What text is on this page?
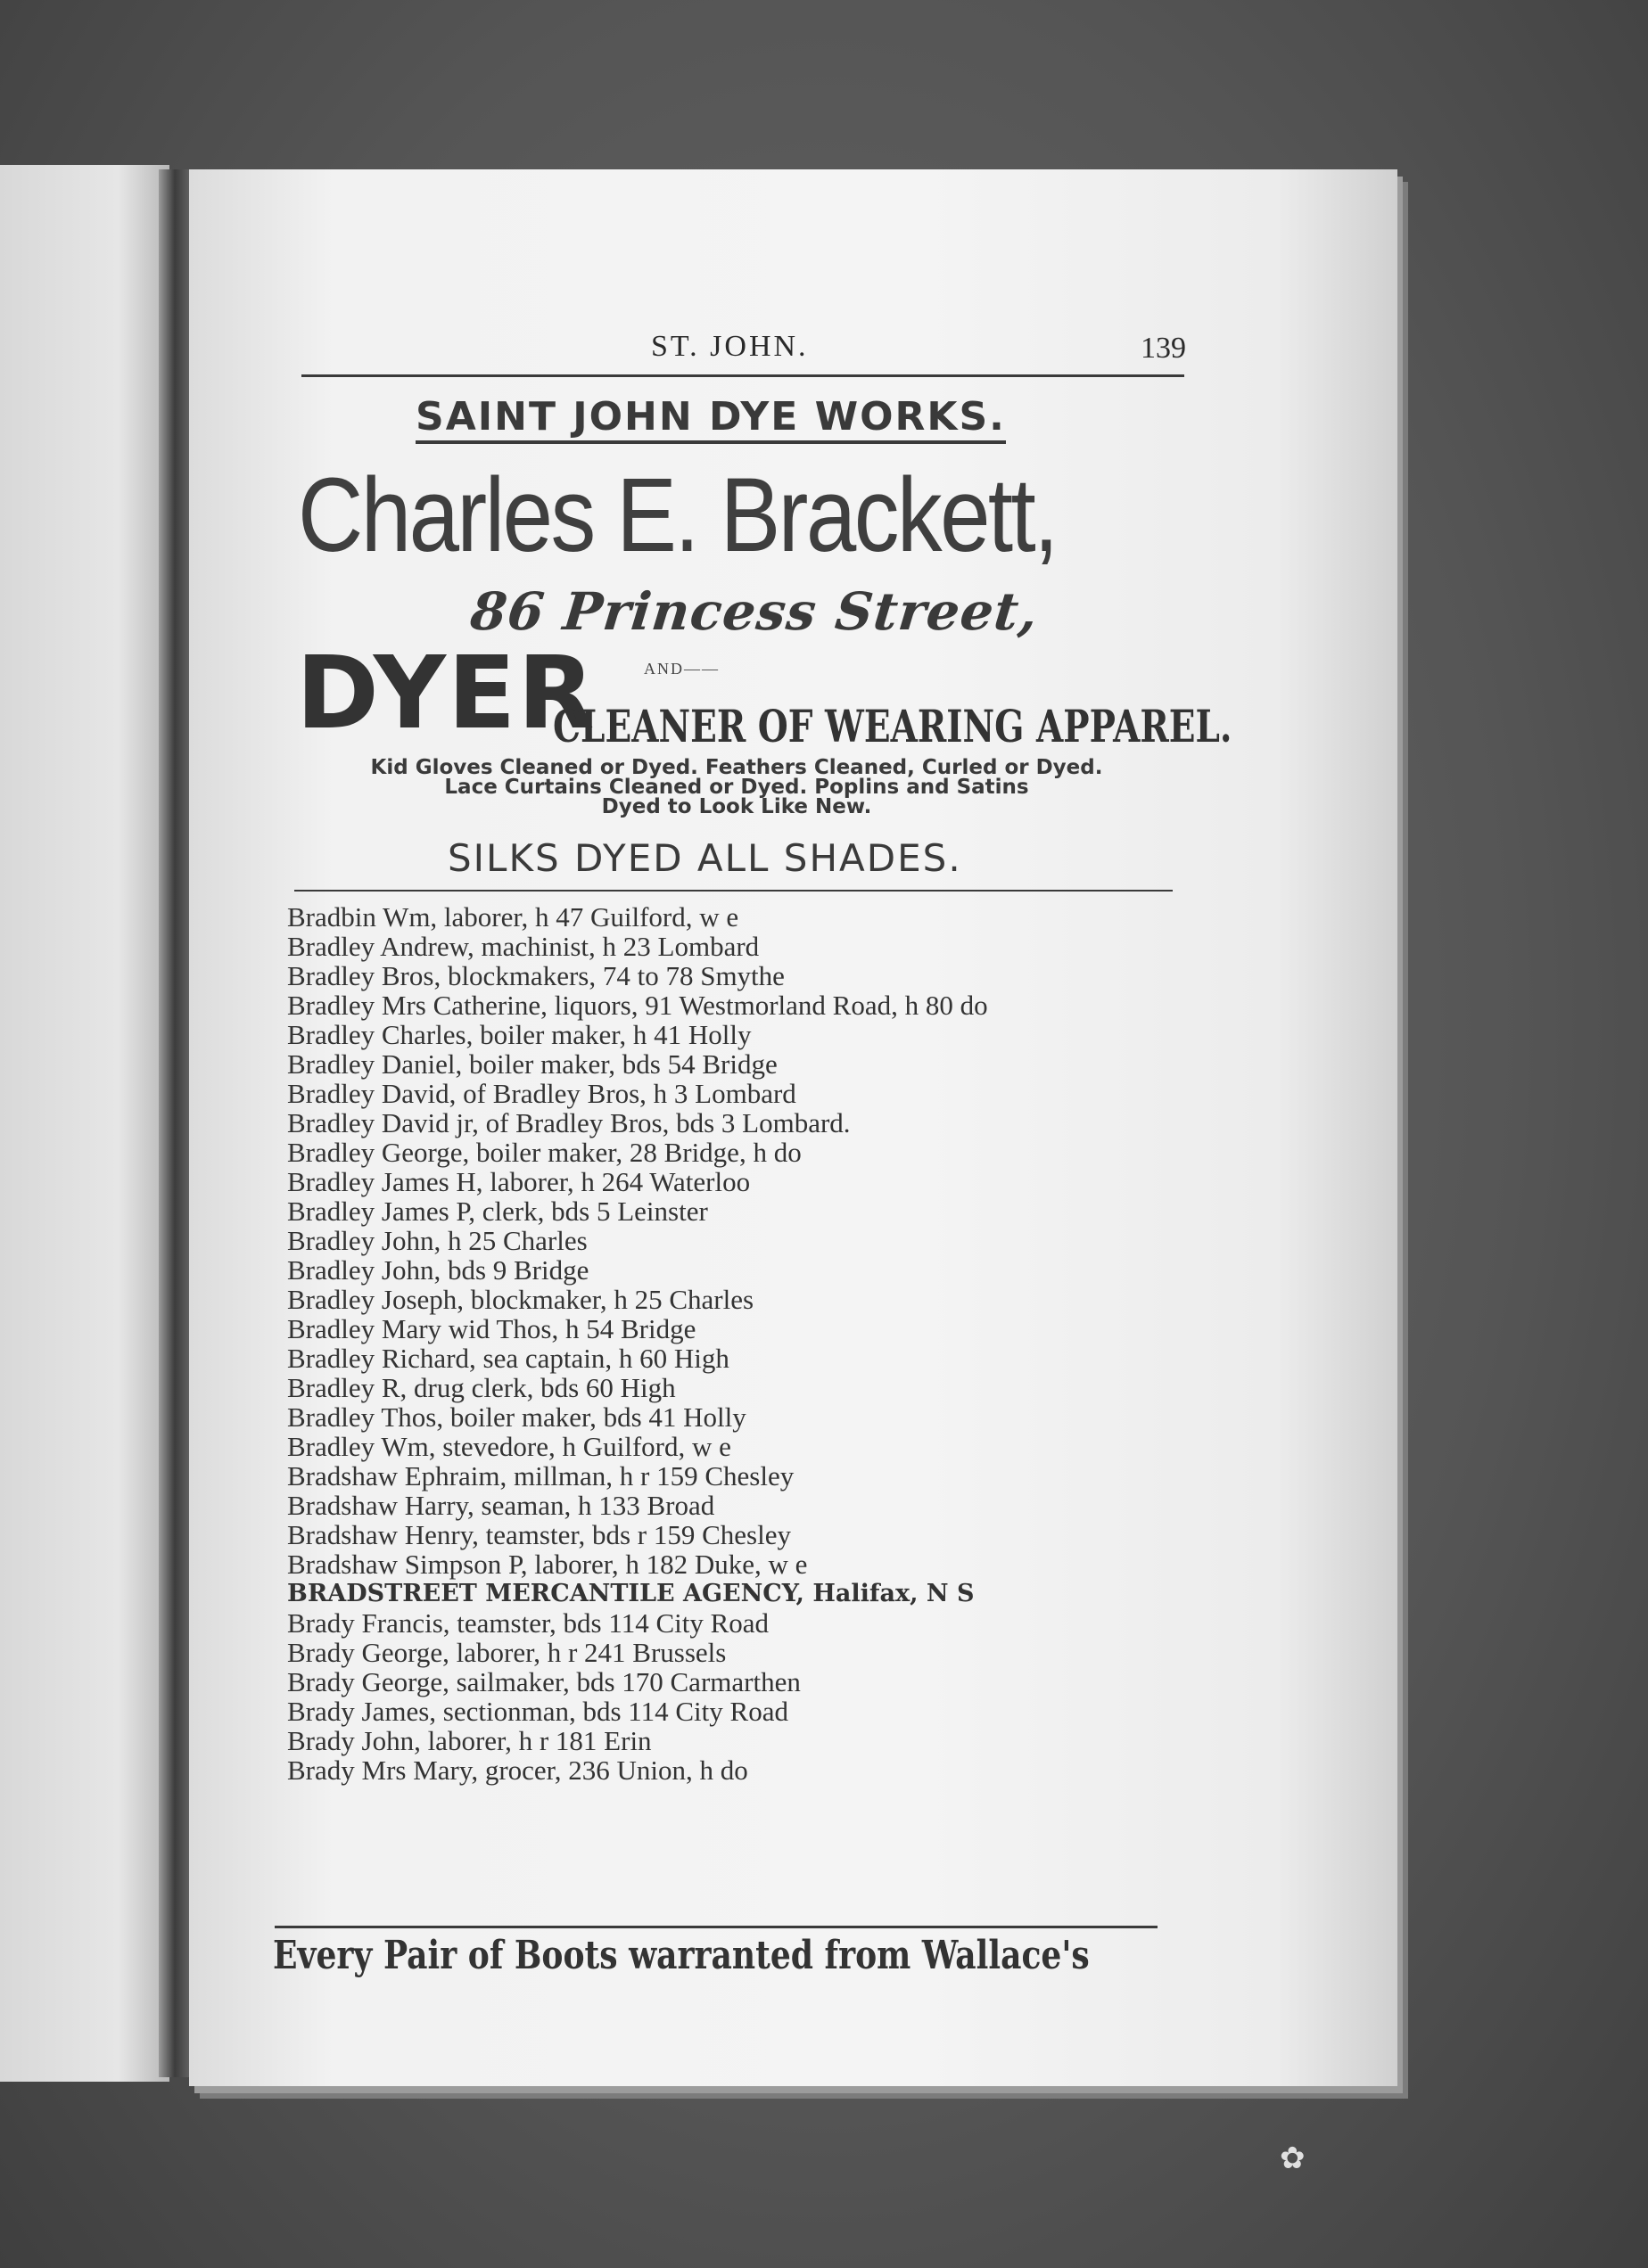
ST. JOHN.	139
SAINT JOHN DYE WORKS.
Charles E. Brackett,
86 Princess Street,
AND——
DYER
CLEANER OF WEARING APPAREL.
Kid Gloves Cleaned or Dyed. Feathers Cleaned, Curled or Dyed.
Lace Curtains Cleaned or Dyed. Poplins and Satins
Dyed to Look Like New.
SILKS DYED ALL SHADES.
Bradbin Wm, laborer, h 47 Guilford, w e
Bradley Andrew, machinist, h 23 Lombard
Bradley Bros, blockmakers, 74 to 78 Smythe
Bradley Mrs Catherine, liquors, 91 Westmorland Road, h 80 do
Bradley Charles, boiler maker, h 41 Holly
Bradley Daniel, boiler maker, bds 54 Bridge
Bradley David, of Bradley Bros, h 3 Lombard
Bradley David jr, of Bradley Bros, bds 3 Lombard.
Bradley George, boiler maker, 28 Bridge, h do
Bradley James H, laborer, h 264 Waterloo
Bradley James P, clerk, bds 5 Leinster
Bradley John, h 25 Charles
Bradley John, bds 9 Bridge
Bradley Joseph, blockmaker, h 25 Charles
Bradley Mary wid Thos, h 54 Bridge
Bradley Richard, sea captain, h 60 High
Bradley R, drug clerk, bds 60 High
Bradley Thos, boiler maker, bds 41 Holly
Bradley Wm, stevedore, h Guilford, w e
Bradshaw Ephraim, millman, h r 159 Chesley
Bradshaw Harry, seaman, h 133 Broad
Bradshaw Henry, teamster, bds r 159 Chesley
Bradshaw Simpson P, laborer, h 182 Duke, w e
BRADSTREET MERCANTILE AGENCY, Halifax, N S
Brady Francis, teamster, bds 114 City Road
Brady George, laborer, h r 241 Brussels
Brady George, sailmaker, bds 170 Carmarthen
Brady James, sectionman, bds 114 City Road
Brady John, laborer, h r 181 Erin
Brady Mrs Mary, grocer, 236 Union, h do
Every Pair of Boots warranted from Wallace's
✿
